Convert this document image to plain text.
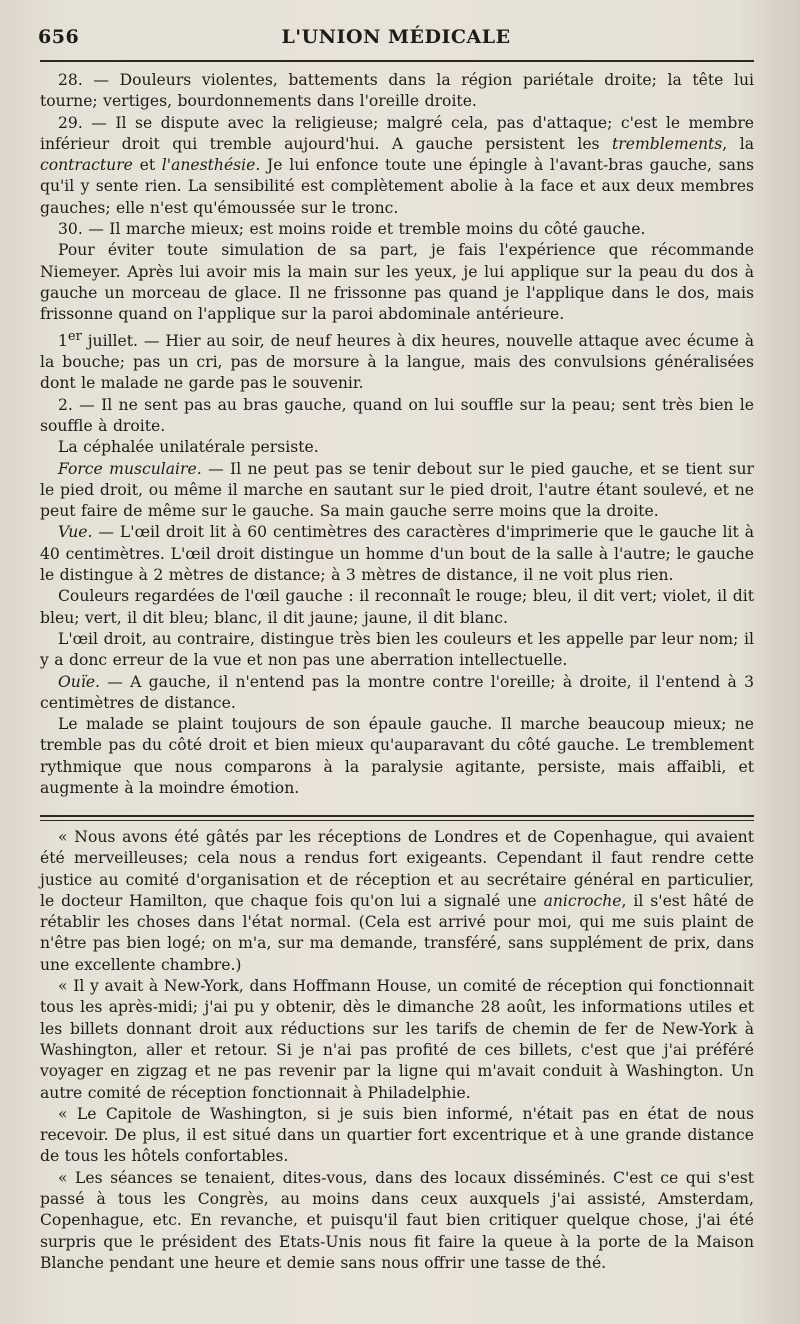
656	L'UNION MÉDICALE

28. — Douleurs violentes, battements dans la région pariétale droite; la tête lui tourne; vertiges, bourdonnements dans l'oreille droite.

29. — Il se dispute avec la religieuse; malgré cela, pas d'attaque; c'est le membre inférieur droit qui tremble aujourd'hui. A gauche persistent les tremblements, la contracture et l'anesthésie. Je lui enfonce toute une épingle à l'avant-bras gauche, sans qu'il y sente rien. La sensibilité est complètement abolie à la face et aux deux membres gauches; elle n'est qu'émoussée sur le tronc.

30. — Il marche mieux; est moins roide et tremble moins du côté gauche.

Pour éviter toute simulation de sa part, je fais l'expérience que récommande Niemeyer. Après lui avoir mis la main sur les yeux, je lui applique sur la peau du dos à gauche un morceau de glace. Il ne frissonne pas quand je l'applique dans le dos, mais frissonne quand on l'applique sur la paroi abdominale antérieure.

1er juillet. — Hier au soir, de neuf heures à dix heures, nouvelle attaque avec écume à la bouche; pas un cri, pas de morsure à la langue, mais des convulsions généralisées dont le malade ne garde pas le souvenir.

2. — Il ne sent pas au bras gauche, quand on lui souffle sur la peau; sent très bien le souffle à droite.

La céphalée unilatérale persiste.

Force musculaire. — Il ne peut pas se tenir debout sur le pied gauche, et se tient sur le pied droit, ou même il marche en sautant sur le pied droit, l'autre étant soulevé, et ne peut faire de même sur le gauche. Sa main gauche serre moins que la droite.

Vue. — L'œil droit lit à 60 centimètres des caractères d'imprimerie que le gauche lit à 40 centimètres. L'œil droit distingue un homme d'un bout de la salle à l'autre; le gauche le distingue à 2 mètres de distance; à 3 mètres de distance, il ne voit plus rien.

Couleurs regardées de l'œil gauche : il reconnaît le rouge; bleu, il dit vert; violet, il dit bleu; vert, il dit bleu; blanc, il dit jaune; jaune, il dit blanc.

L'œil droit, au contraire, distingue très bien les couleurs et les appelle par leur nom; il y a donc erreur de la vue et non pas une aberration intellectuelle.

Ouïe. — A gauche, il n'entend pas la montre contre l'oreille; à droite, il l'entend à 3 centimètres de distance.

Le malade se plaint toujours de son épaule gauche. Il marche beaucoup mieux; ne tremble pas du côté droit et bien mieux qu'auparavant du côté gauche. Le tremblement rythmique que nous comparons à la paralysie agitante, persiste, mais affaibli, et augmente à la moindre émotion.

« Nous avons été gâtés par les réceptions de Londres et de Copenhague, qui avaient été merveilleuses; cela nous a rendus fort exigeants. Cependant il faut rendre cette justice au comité d'organisation et de réception et au secrétaire général en particulier, le docteur Hamilton, que chaque fois qu'on lui a signalé une anicroche, il s'est hâté de rétablir les choses dans l'état normal. (Cela est arrivé pour moi, qui me suis plaint de n'être pas bien logé; on m'a, sur ma demande, transféré, sans supplément de prix, dans une excellente chambre.)

« Il y avait à New-York, dans Hoffmann House, un comité de réception qui fonctionnait tous les après-midi; j'ai pu y obtenir, dès le dimanche 28 août, les informations utiles et les billets donnant droit aux réductions sur les tarifs de chemin de fer de New-York à Washington, aller et retour. Si je n'ai pas profité de ces billets, c'est que j'ai préféré voyager en zigzag et ne pas revenir par la ligne qui m'avait conduit à Washington. Un autre comité de réception fonctionnait à Philadelphie.

« Le Capitole de Washington, si je suis bien informé, n'était pas en état de nous recevoir. De plus, il est situé dans un quartier fort excentrique et à une grande distance de tous les hôtels confortables.

« Les séances se tenaient, dites-vous, dans des locaux disséminés. C'est ce qui s'est passé à tous les Congrès, au moins dans ceux auxquels j'ai assisté, Amsterdam, Copenhague, etc. En revanche, et puisqu'il faut bien critiquer quelque chose, j'ai été surpris que le président des Etats-Unis nous fit faire la queue à la porte de la Maison Blanche pendant une heure et demie sans nous offrir une tasse de thé.
